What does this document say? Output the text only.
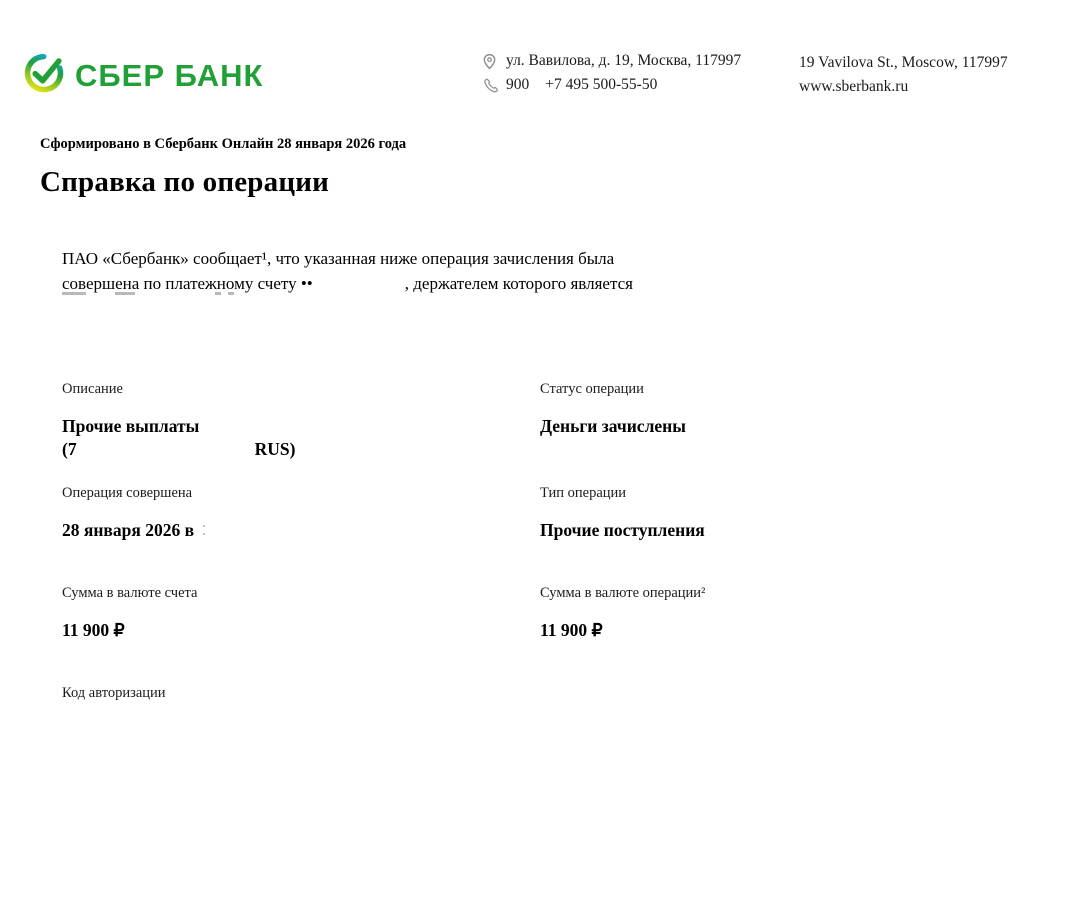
СБЕР БАНК	ул. Вавилова, д. 19, Москва, 117997
900 +7 495 500-55-50
19 Vavilova St., Moscow, 117997
www.sberbank.ru
Сформировано в Сбербанк Онлайн 28 января 2026 года
Справка по операции
ПАО «Сбербанк» сообщает¹, что указанная ниже операция зачисления была
совершена по платежному счету ••	, держателем которого является
Описание
Прочие выплаты
(7	RUS)
Статус операции
Деньги зачислены
Операция совершена
28 января 2026 в
Тип операции
Прочие поступления
Сумма в валюте счета
11 900 ₽
Сумма в валюте операции²
11 900 ₽
Код авторизации
